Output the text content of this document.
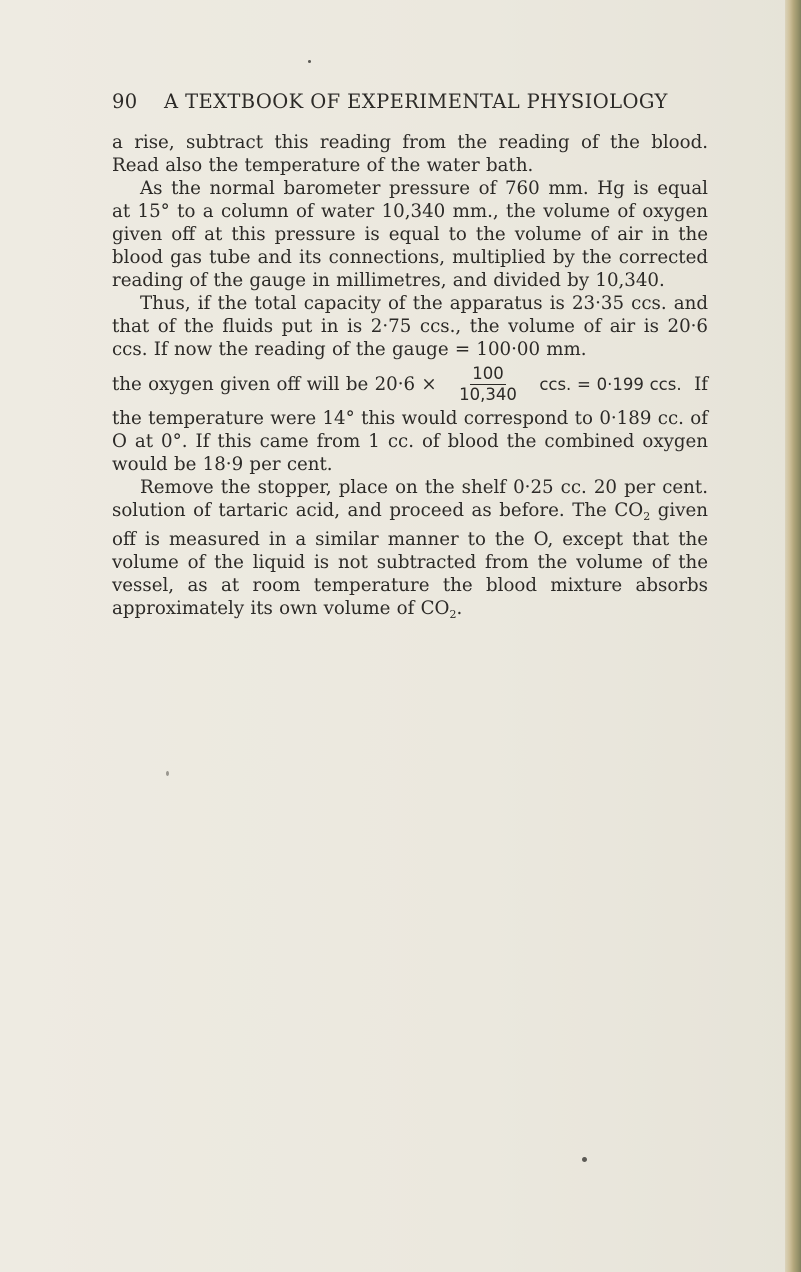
90 A TEXTBOOK OF EXPERIMENTAL PHYSIOLOGY

a rise, subtract this reading from the reading of the blood. Read also the temperature of the water bath.

As the normal barometer pressure of 760 mm. Hg is equal at 15° to a column of water 10,340 mm., the volume of oxygen given off at this pressure is equal to the volume of air in the blood gas tube and its connections, multiplied by the corrected reading of the gauge in millimetres, and divided by 10,340.

Thus, if the total capacity of the apparatus is 23·35 ccs. and that of the fluids put in is 2·75 ccs., the volume of air is 20·6 ccs. If now the reading of the gauge = 100·00 mm.

the oxygen given off will be $20\cdot 6 \times \frac{100}{10,340}$ ccs. = 0·199 ccs. If

the temperature were 14° this would correspond to 0·189 cc. of O at 0°. If this came from 1 cc. of blood the combined oxygen would be 18·9 per cent.

Remove the stopper, place on the shelf 0·25 cc. 20 per cent. solution of tartaric acid, and proceed as before. The $CO_2$ given off is measured in a similar manner to the O, except that the volume of the liquid is not subtracted from the volume of the vessel, as at room temperature the blood mixture absorbs approximately its own volume of $CO_2$.
